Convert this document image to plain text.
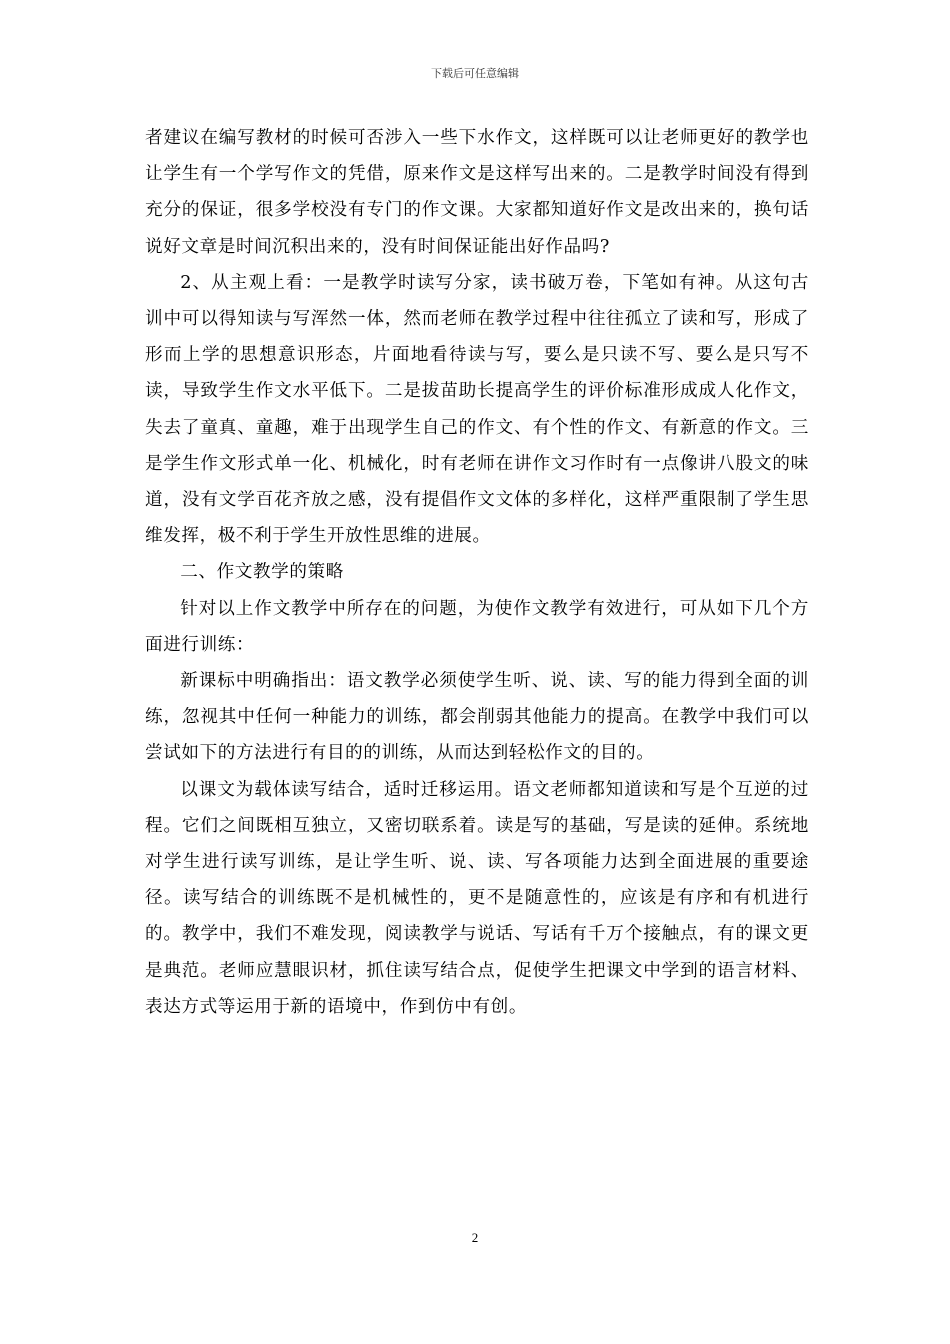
下载后可任意编辑

者建议在编写教材的时候可否涉入一些下水作文，这样既可以让老师更好的教学也让学生有一个学写作文的凭借，原来作文是这样写出来的。二是教学时间没有得到充分的保证，很多学校没有专门的作文课。大家都知道好作文是改出来的，换句话说好文章是时间沉积出来的，没有时间保证能出好作品吗?

2、从主观上看：一是教学时读写分家，读书破万卷，下笔如有神。从这句古训中可以得知读与写浑然一体，然而老师在教学过程中往往孤立了读和写，形成了形而上学的思想意识形态，片面地看待读与写，要么是只读不写、要么是只写不读，导致学生作文水平低下。二是拔苗助长提高学生的评价标准形成成人化作文，失去了童真、童趣，难于出现学生自己的作文、有个性的作文、有新意的作文。三是学生作文形式单一化、机械化，时有老师在讲作文习作时有一点像讲八股文的味道，没有文学百花齐放之感，没有提倡作文文体的多样化，这样严重限制了学生思维发挥，极不利于学生开放性思维的进展。

二、作文教学的策略

针对以上作文教学中所存在的问题，为使作文教学有效进行，可从如下几个方面进行训练：

新课标中明确指出：语文教学必须使学生听、说、读、写的能力得到全面的训练，忽视其中任何一种能力的训练，都会削弱其他能力的提高。在教学中我们可以尝试如下的方法进行有目的的训练，从而达到轻松作文的目的。

以课文为载体读写结合，适时迁移运用。语文老师都知道读和写是个互逆的过程。它们之间既相互独立，又密切联系着。读是写的基础，写是读的延伸。系统地对学生进行读写训练，是让学生听、说、读、写各项能力达到全面进展的重要途径。读写结合的训练既不是机械性的，更不是随意性的，应该是有序和有机进行的。教学中，我们不难发现，阅读教学与说话、写话有千万个接触点，有的课文更是典范。老师应慧眼识材，抓住读写结合点，促使学生把课文中学到的语言材料、表达方式等运用于新的语境中，作到仿中有创。

2
